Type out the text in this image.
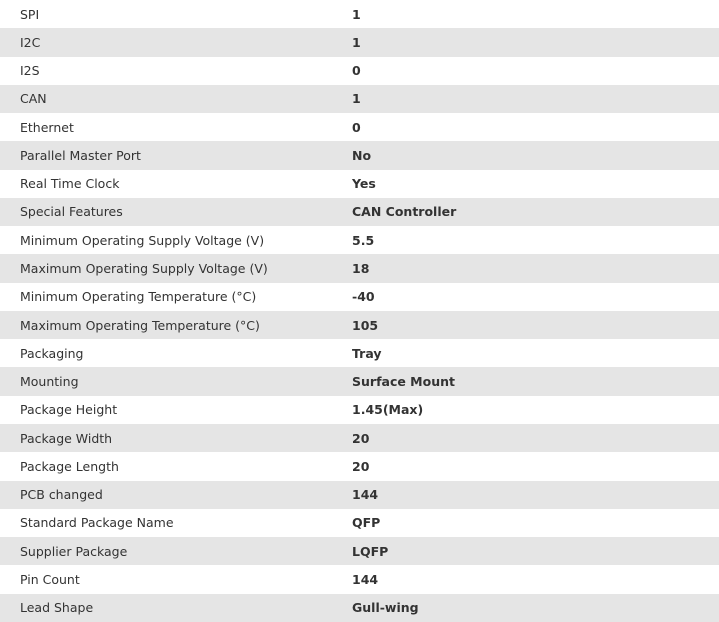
SPI	1
I2C	1
I2S	0
CAN	1
Ethernet	0
Parallel Master Port	No
Real Time Clock	Yes
Special Features	CAN Controller
Minimum Operating Supply Voltage (V)	5.5
Maximum Operating Supply Voltage (V)	18
Minimum Operating Temperature (°C)	-40
Maximum Operating Temperature (°C)	105
Packaging	Tray
Mounting	Surface Mount
Package Height	1.45(Max)
Package Width	20
Package Length	20
PCB changed	144
Standard Package Name	QFP
Supplier Package	LQFP
Pin Count	144
Lead Shape	Gull-wing
